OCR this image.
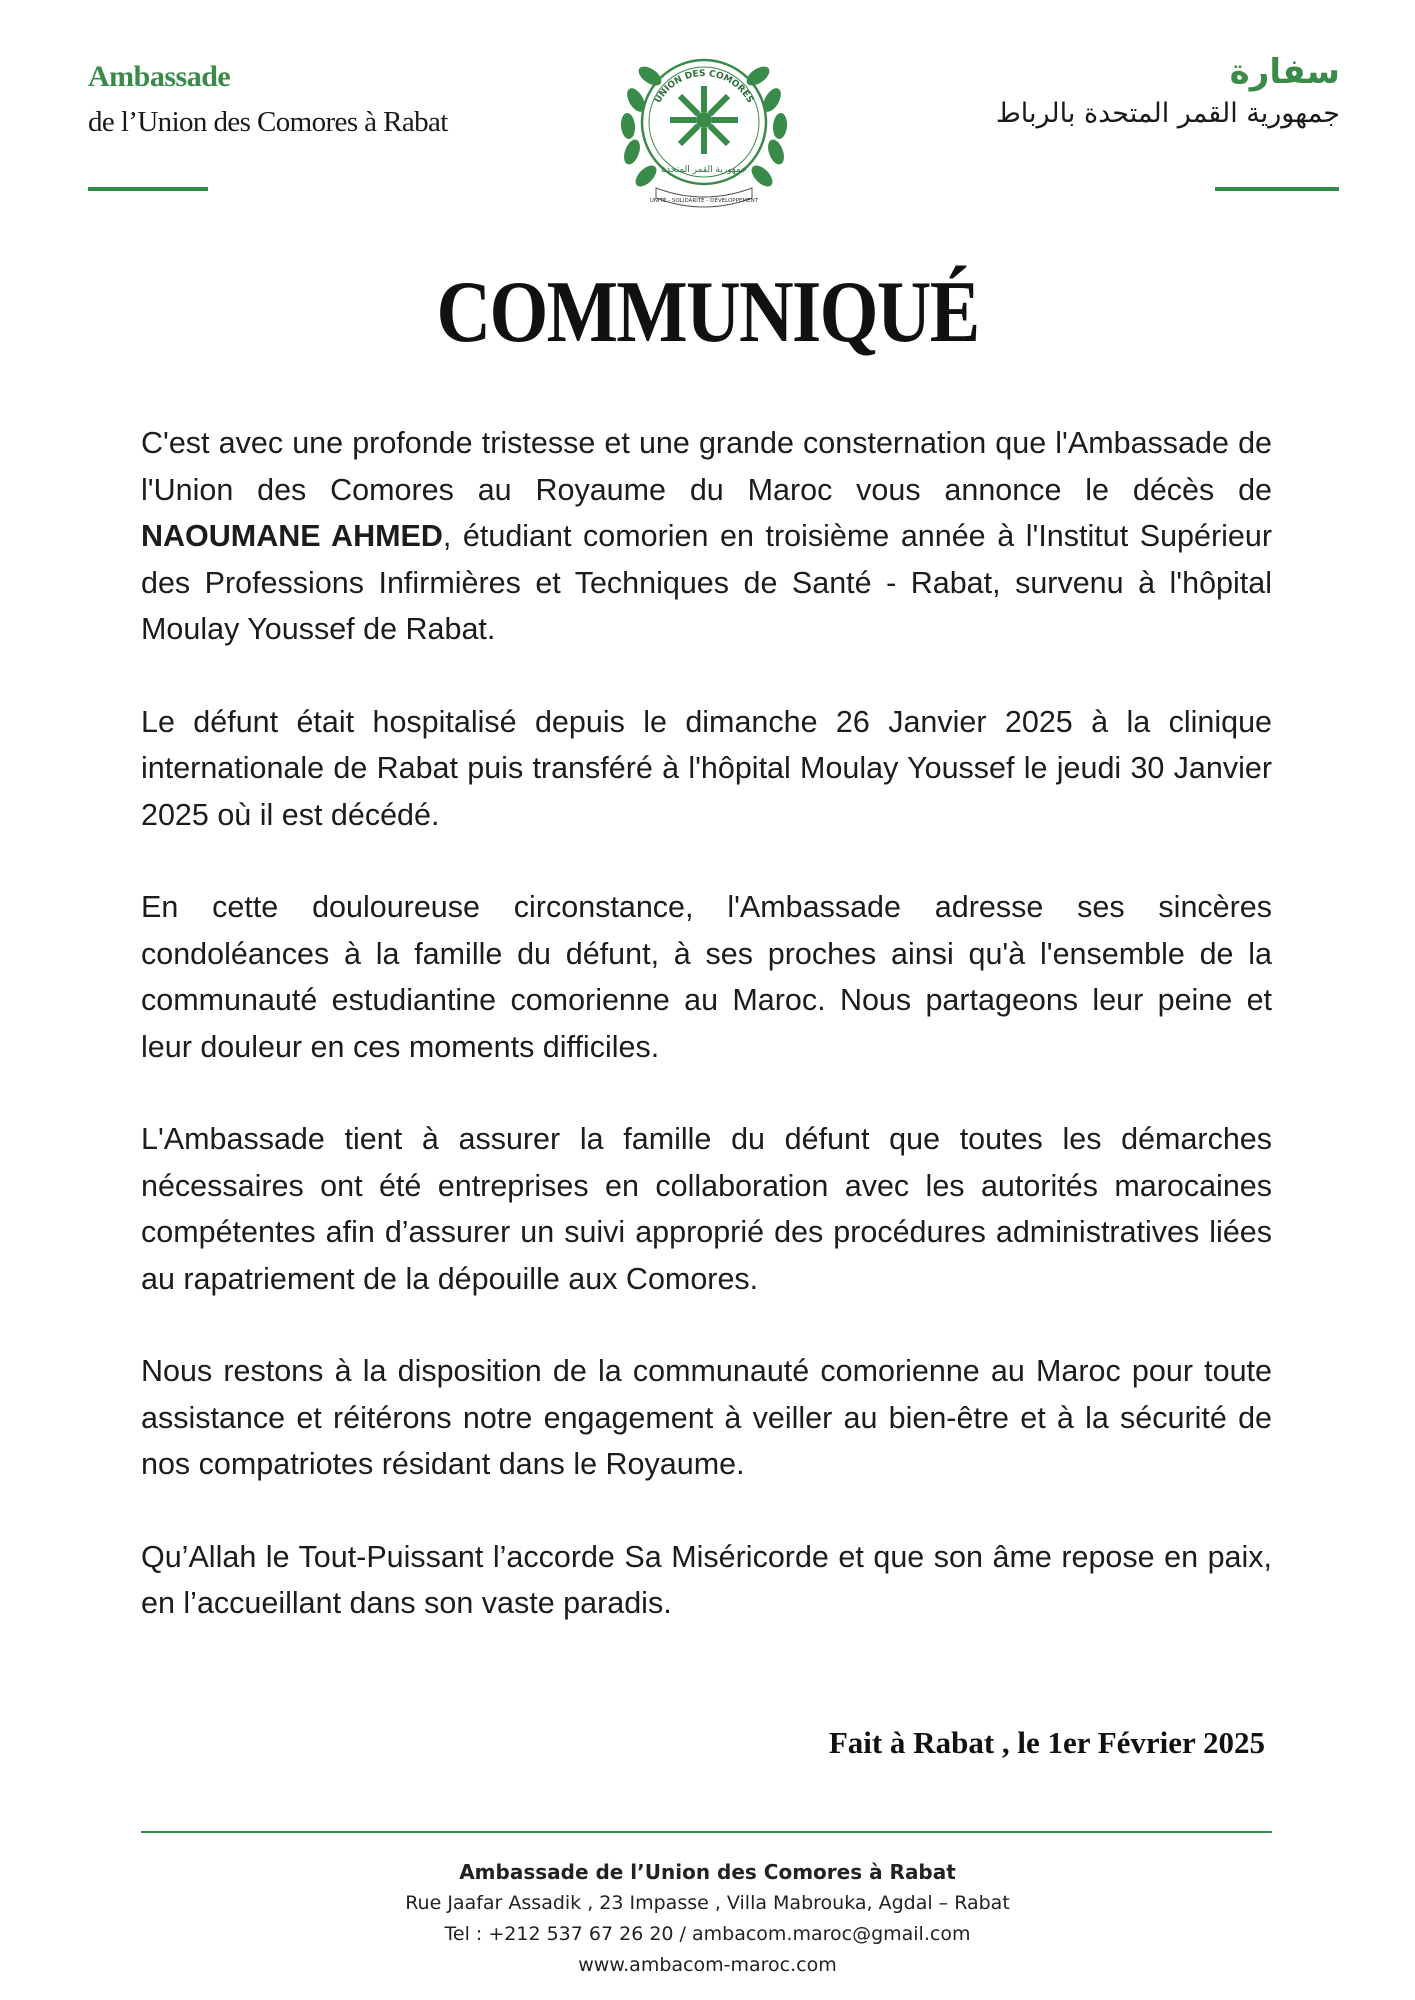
Ambassade
de l’Union des Comores à Rabat
سفارة
جمهورية القمر المتحدة بالرباط
UNION DES COMORES
جمهورية القمر المتحدة
UNITÉ - SOLIDARITÉ - DÉVELOPPEMENT
COMMUNIQUÉ

C'est avec une profonde tristesse et une grande consternation que l'Ambassade de l'Union des Comores au Royaume du Maroc vous annonce le décès de NAOUMANE AHMED, étudiant comorien en troisième année à l'Institut Supérieur des Professions Infirmières et Techniques de Santé - Rabat, survenu à l'hôpital Moulay Youssef de Rabat.

Le défunt était hospitalisé depuis le dimanche 26 Janvier 2025 à la clinique internationale de Rabat puis transféré à l'hôpital Moulay Youssef le jeudi 30 Janvier 2025 où il est décédé.

En cette douloureuse circonstance, l'Ambassade adresse ses sincères condoléances à la famille du défunt, à ses proches ainsi qu'à l'ensemble de la communauté estudiantine comorienne au Maroc. Nous partageons leur peine et leur douleur en ces moments difficiles.

L'Ambassade tient à assurer la famille du défunt que toutes les démarches nécessaires ont été entreprises en collaboration avec les autorités marocaines compétentes afin d’assurer un suivi approprié des procédures administratives liées au rapatriement de la dépouille aux Comores.

Nous restons à la disposition de la communauté comorienne au Maroc pour toute assistance et réitérons notre engagement à veiller au bien-être et à la sécurité de nos compatriotes résidant dans le Royaume.

Qu’Allah le Tout-Puissant l’accorde Sa Miséricorde et que son âme repose en paix, en l’accueillant dans son vaste paradis.

Fait à Rabat , le 1er Février 2025
Ambassade de l’Union des Comores à Rabat
Rue Jaafar Assadik , 23 Impasse , Villa Mabrouka, Agdal – Rabat
Tel : +212 537 67 26 20 / ambacom.maroc@gmail.com
www.ambacom-maroc.com
